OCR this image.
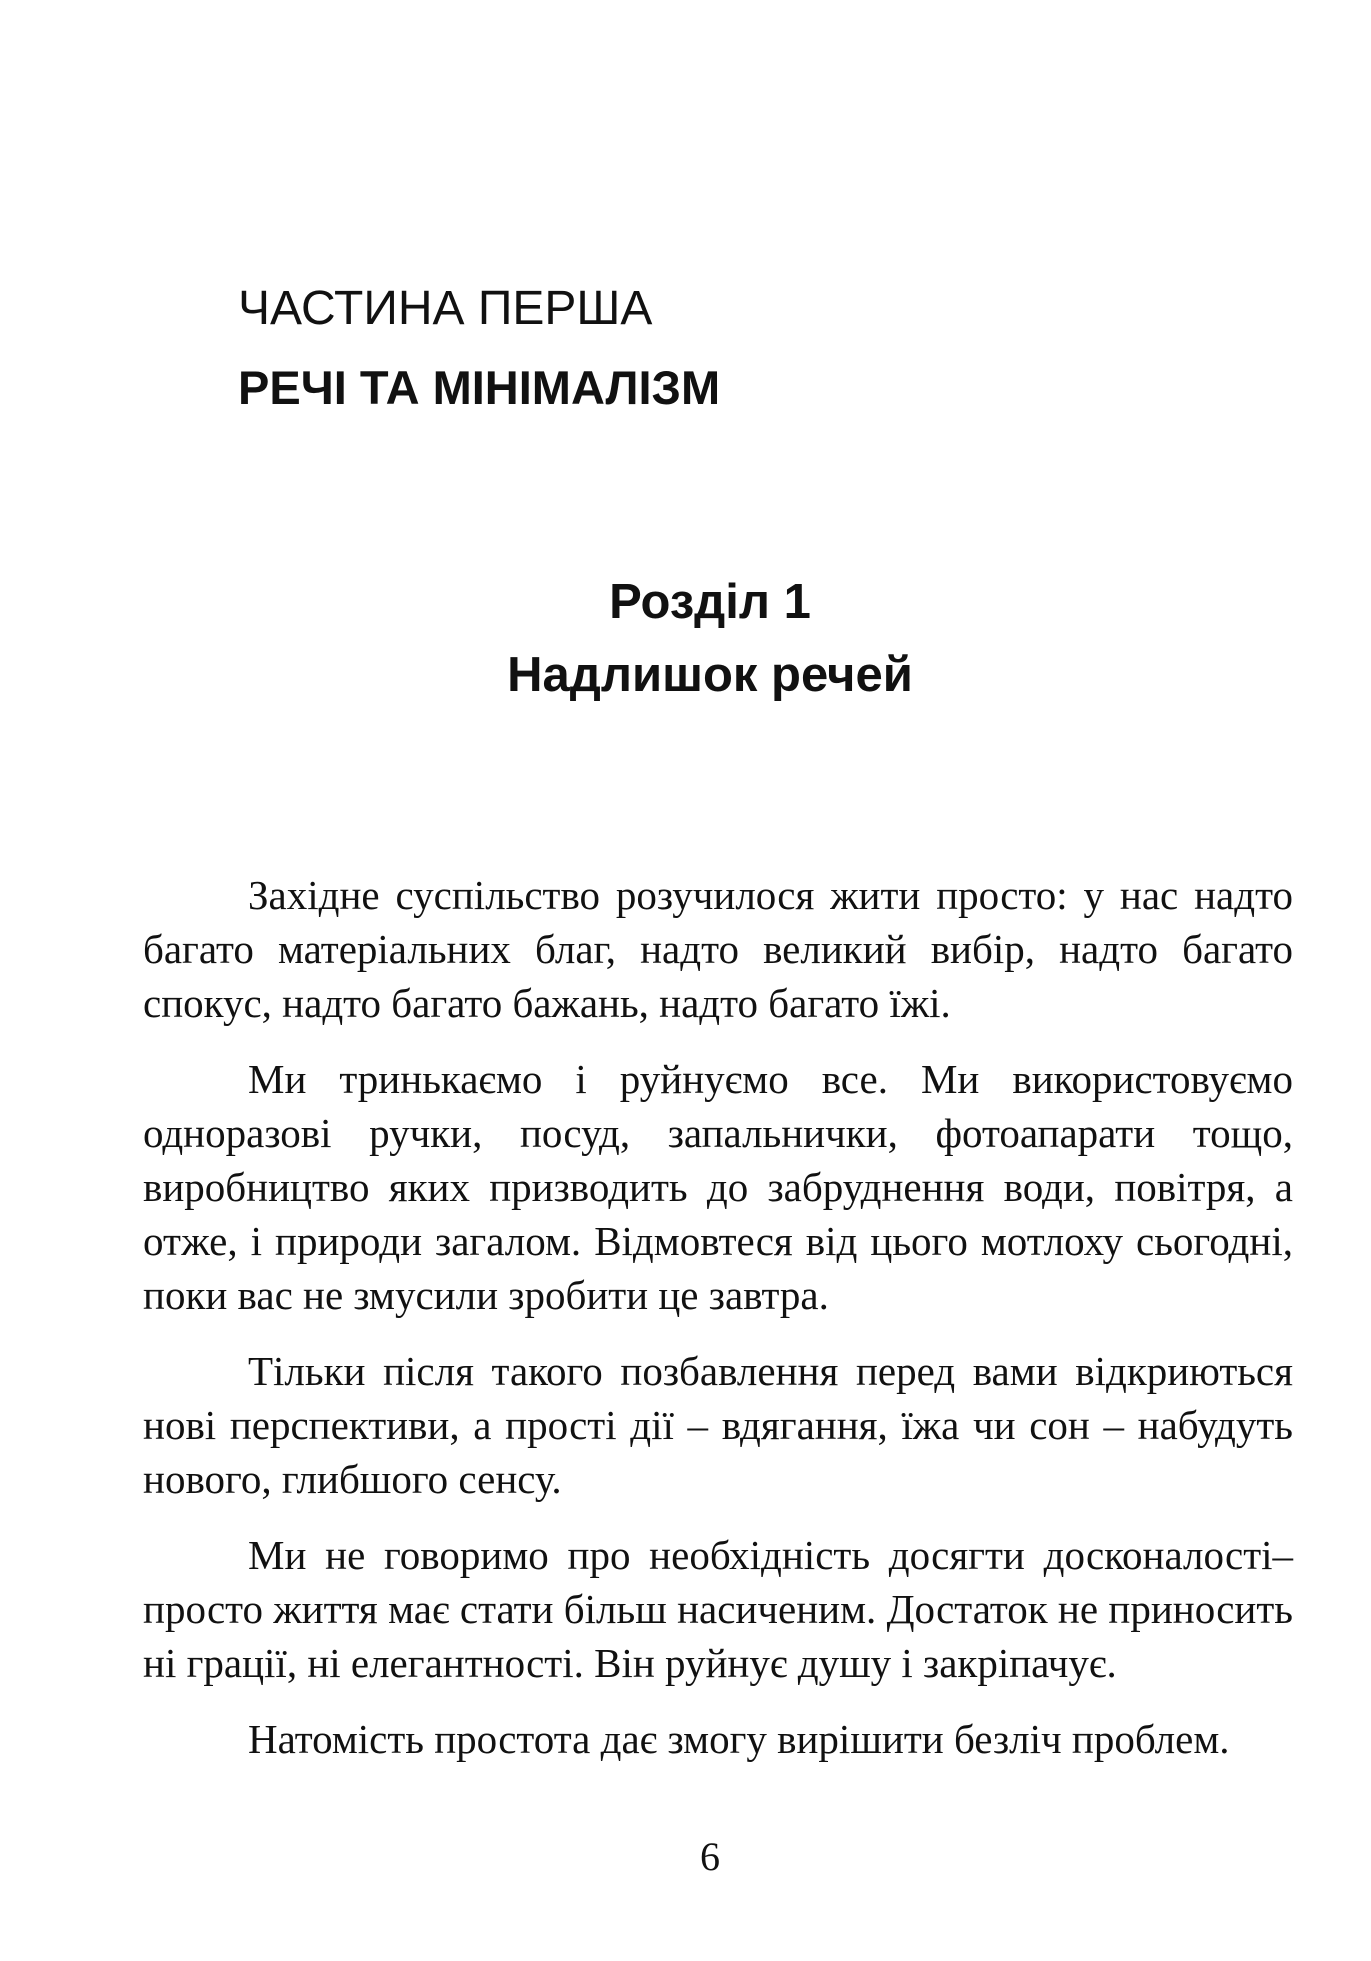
ЧАСТИНА ПЕРША
РЕЧІ ТА МІНІМАЛІЗМ
Розділ 1
Надлишок речей

Західне суспільство розучилося жити просто: у нас надто багато матеріальних благ, надто великий вибір, надто багато спокус, надто багато бажань, надто багато їжі.

Ми тринькаємо і руйнуємо все. Ми використовуємо одноразові ручки, посуд, запальнички, фотоапарати тощо, виробництво яких призводить до забруднення води, повітря, а отже, і природи загалом. Відмовтеся від цього мотлоху сьогодні, поки вас не змусили зробити це завтра.

Тільки після такого позбавлення перед вами відкриються нові перспективи, а прості дії – вдягання, їжа чи сон – набудуть нового, глибшого сенсу.

Ми не говоримо про необхідність досягти досконалості– просто життя має стати більш насиченим. Достаток не приносить ні грації, ні елегантності. Він руйнує душу і закріпачує.

Натомість простота дає змогу вирішити безліч проблем.

6
